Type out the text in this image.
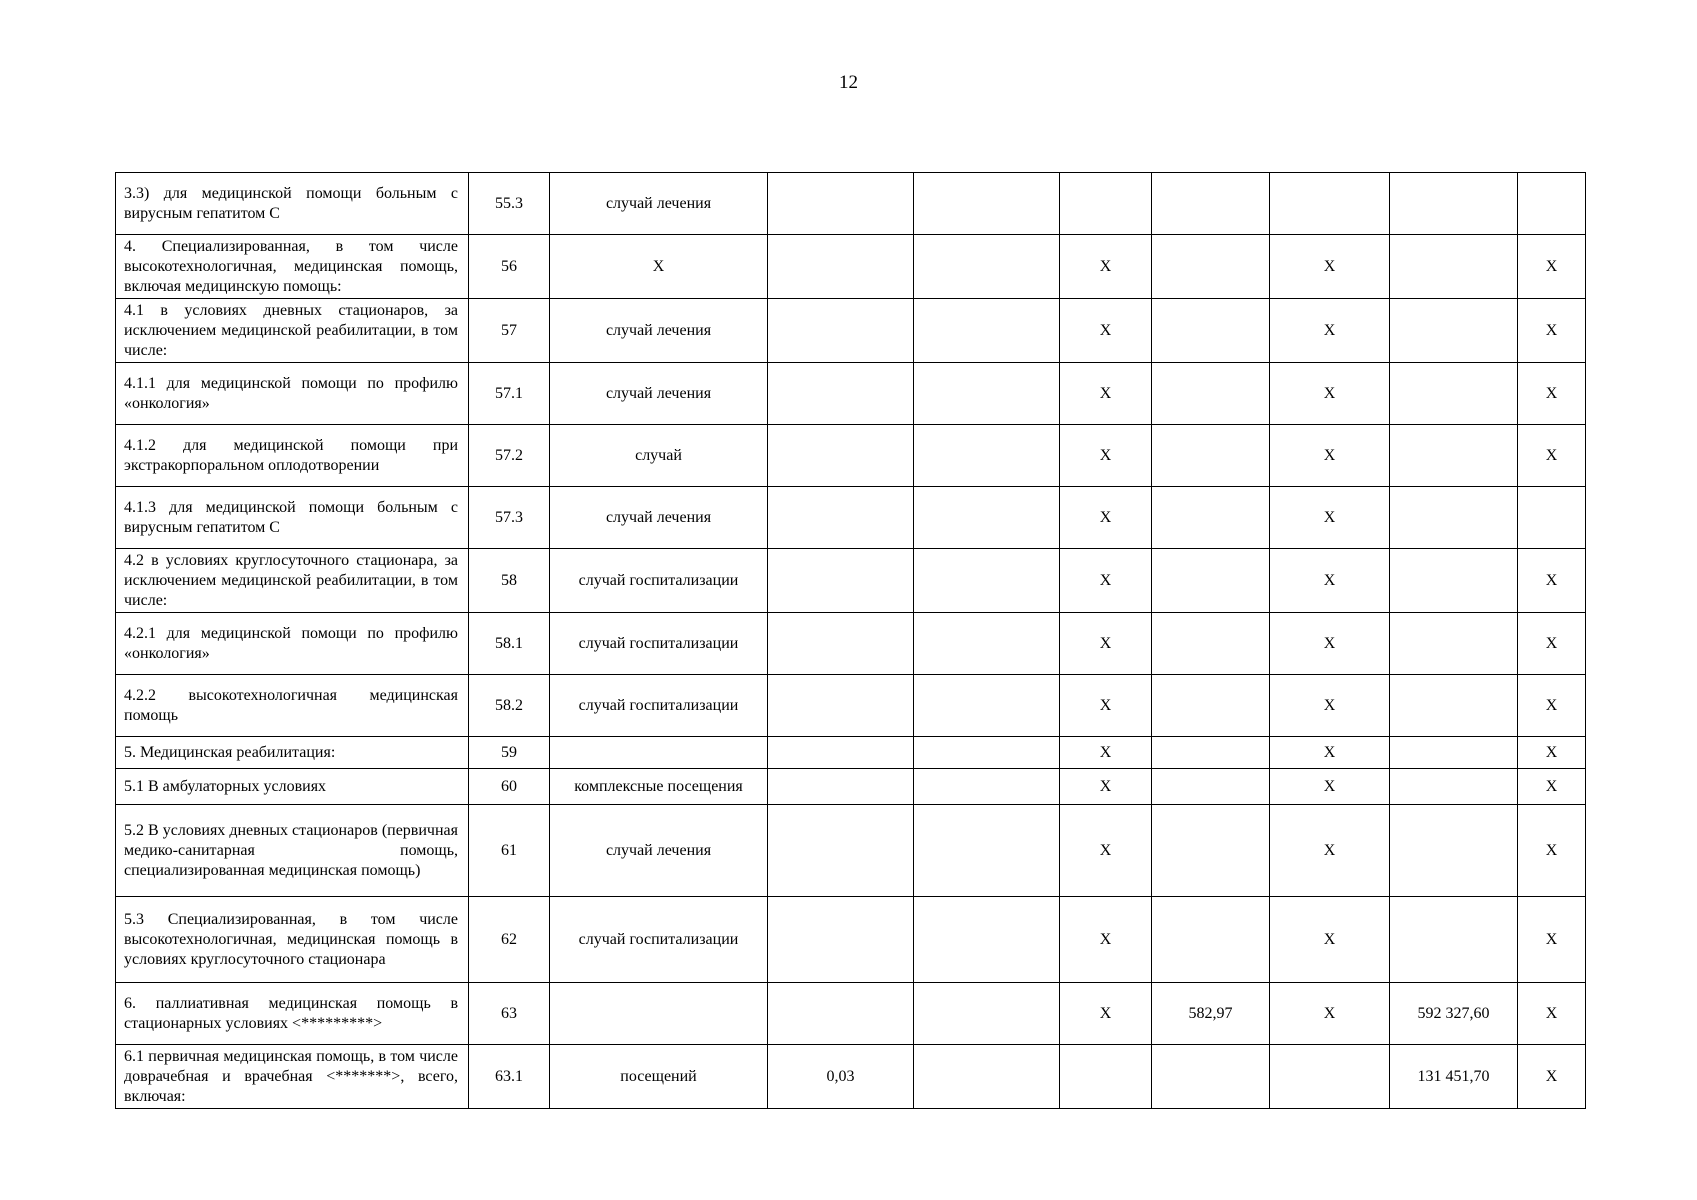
12
3.3) для медицинской помощи больным с вирусным гепатитом С	55.3	случай лечения							
4. Специализированная, в том числе высокотехнологичная, медицинская помощь, включая медицинскую помощь:	56	Х			Х		Х		Х
4.1 в условиях дневных стационаров, за исключением медицинской реабилитации, в том числе:	57	случай лечения			Х		Х		Х
4.1.1 для медицинской помощи по профилю «онкология»	57.1	случай лечения			Х		Х		Х
4.1.2 для медицинской помощи при экстракорпоральном оплодотворении	57.2	случай			Х		Х		Х
4.1.3 для медицинской помощи больным с вирусным гепатитом С	57.3	случай лечения			Х		Х		
4.2 в условиях круглосуточного стационара, за исключением медицинской реабилитации, в том числе:	58	случай госпитализации			Х		Х		Х
4.2.1 для медицинской помощи по профилю «онкология»	58.1	случай госпитализации			Х		Х		Х
4.2.2 высокотехнологичная медицинская помощь	58.2	случай госпитализации			Х		Х		Х
5. Медицинская реабилитация:	59				Х		Х		Х
5.1 В амбулаторных условиях	60	комплексные посещения			Х		Х		Х
5.2 В условиях дневных стационаров (первичная медико-санитарная помощь, специализированная медицинская помощь)	61	случай лечения			Х		Х		Х
5.3 Специализированная, в том числе высокотехнологичная, медицинская помощь в условиях круглосуточного стационара	62	случай госпитализации			Х		Х		Х
6. паллиативная медицинская помощь в стационарных условиях <*********>	63				Х	582,97	Х	592 327,60	Х
6.1 первичная медицинская помощь, в том числе доврачебная и врачебная <*******>, всего, включая:	63.1	посещений	0,03					131 451,70	Х
